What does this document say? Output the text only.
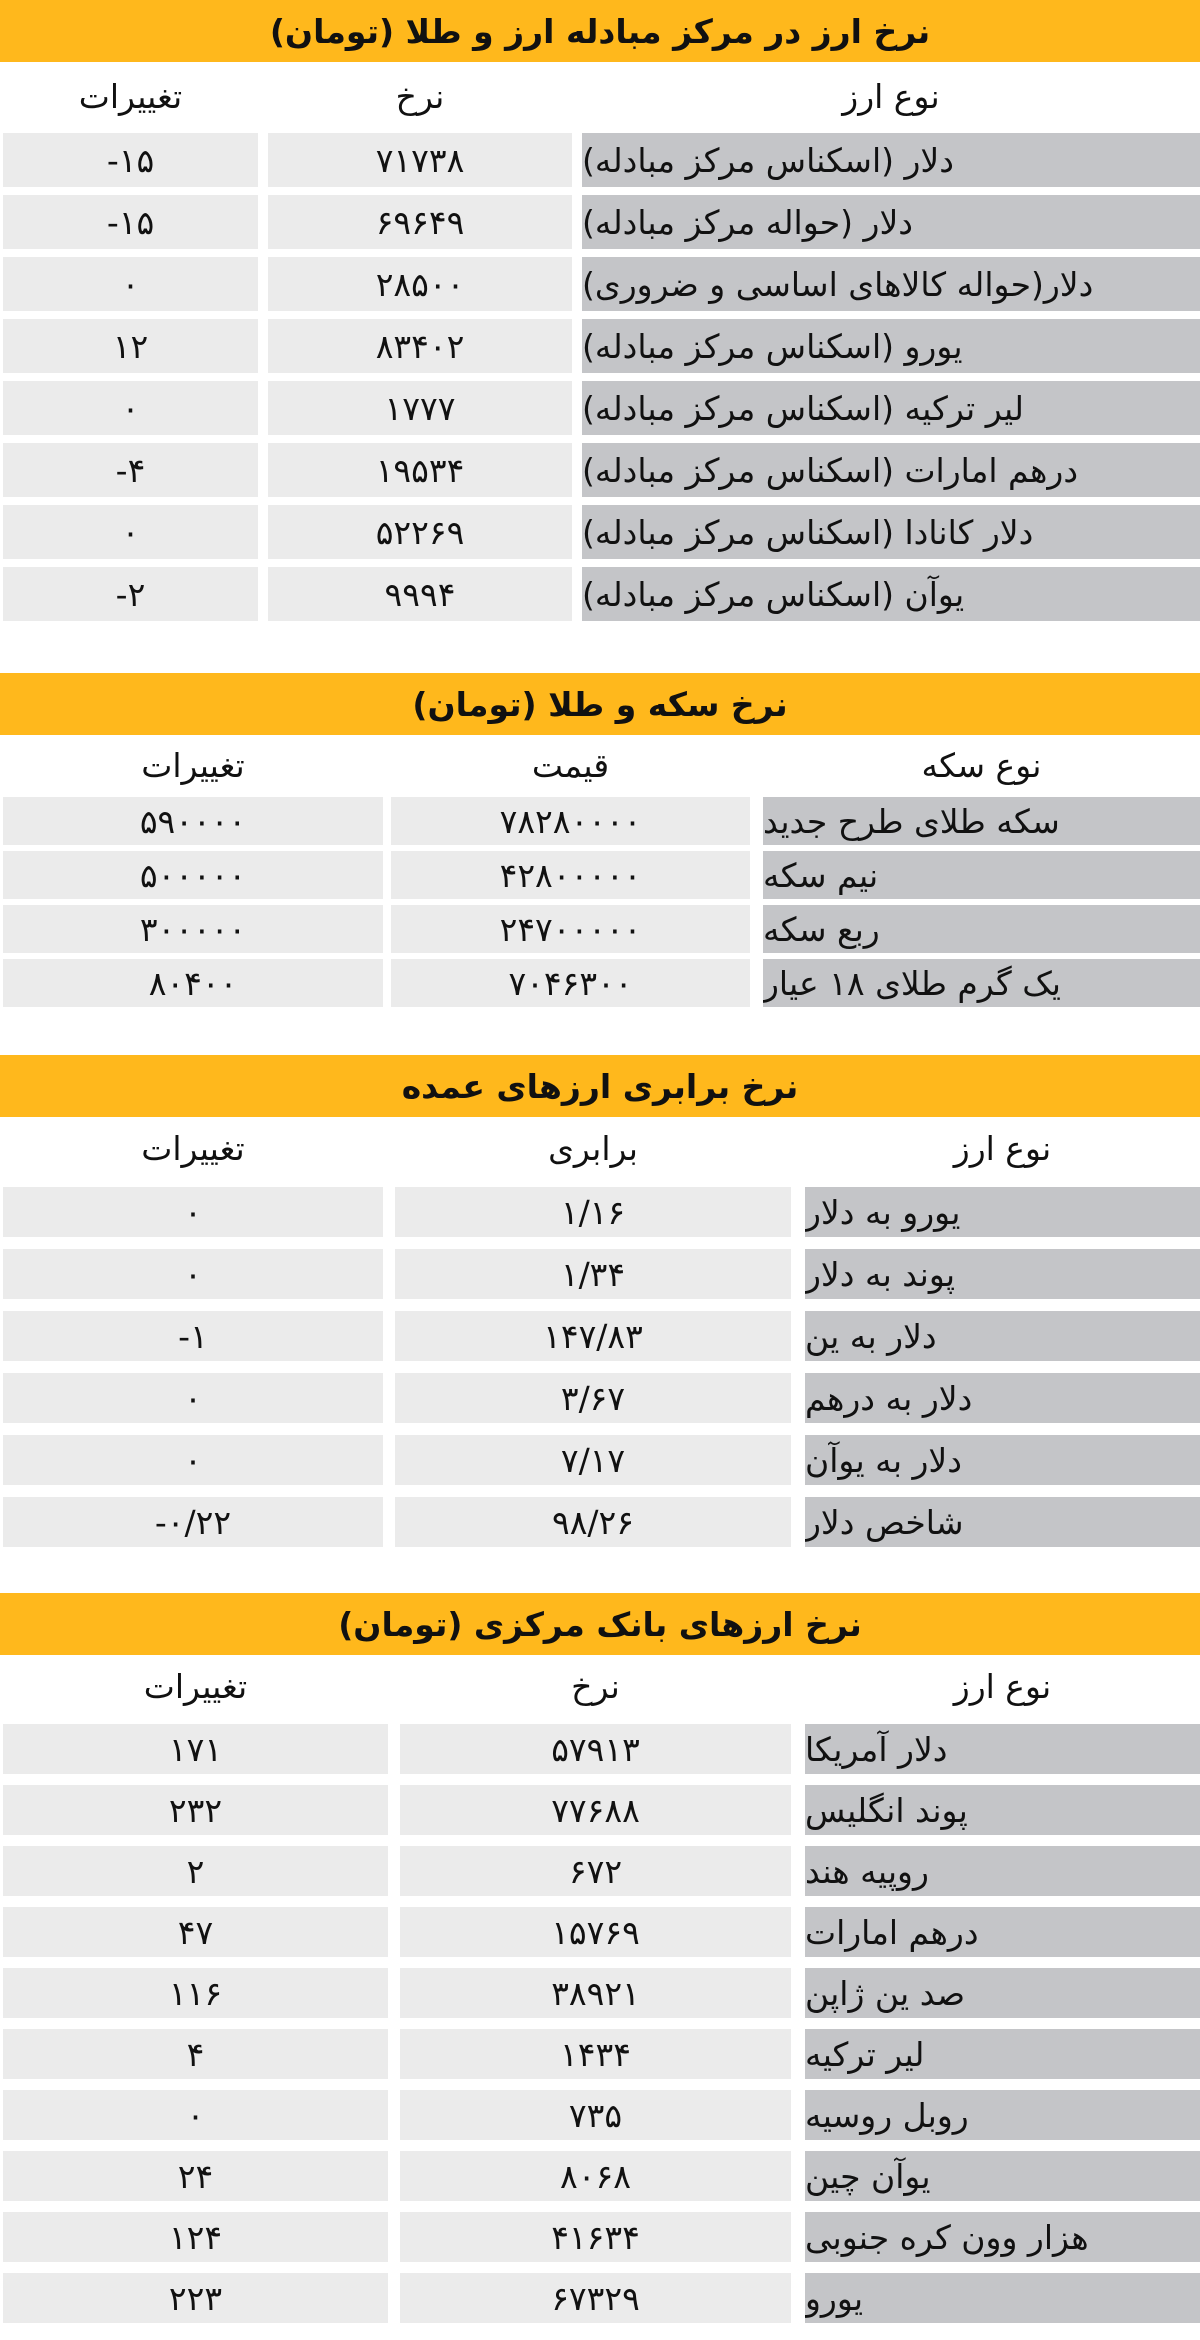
نرخ ارز در مرکز مبادله ارز و طلا (تومان)
نوع ارز
نرخ
تغییرات
دلار (اسکناس مرکز مبادله)
۷۱۷۳۸
-۱۵
دلار (حواله مرکز مبادله)
۶۹۶۴۹
-۱۵
دلار(حواله کالاهای اساسی و ضروری)
۲۸۵۰۰
۰
یورو (اسکناس مرکز مبادله)
۸۳۴۰۲
۱۲
لیر ترکیه (اسکناس مرکز مبادله)
۱۷۷۷
۰
درهم امارات (اسکناس مرکز مبادله)
۱۹۵۳۴
-۴
دلار کانادا (اسکناس مرکز مبادله)
۵۲۲۶۹
۰
یوآن (اسکناس مرکز مبادله)
۹۹۹۴
-۲
نرخ سکه و طلا (تومان)
نوع سکه
قیمت
تغییرات
سکه طلای طرح جدید
۷۸۲۸۰۰۰۰
۵۹۰۰۰۰
نیم سکه
۴۲۸۰۰۰۰۰
۵۰۰۰۰۰
ربع سکه
۲۴۷۰۰۰۰۰
۳۰۰۰۰۰
یک گرم طلای ۱۸ عیار
۷۰۴۶۳۰۰
۸۰۴۰۰
نرخ برابری ارزهای عمده
نوع ارز
برابری
تغییرات
یورو به دلار
۱/۱۶
۰
پوند به دلار
۱/۳۴
۰
دلار به ین
۱۴۷/۸۳
-۱
دلار به درهم
۳/۶۷
۰
دلار به یوآن
۷/۱۷
۰
شاخص دلار
۹۸/۲۶
-۰/۲۲
نرخ ارزهای بانک مرکزی (تومان)
نوع ارز
نرخ
تغییرات
دلار آمریکا
۵۷۹۱۳
۱۷۱
پوند انگلیس
۷۷۶۸۸
۲۳۲
روپیه هند
۶۷۲
۲
درهم امارات
۱۵۷۶۹
۴۷
صد ین ژاپن
۳۸۹۲۱
۱۱۶
لیر ترکیه
۱۴۳۴
۴
روبل روسیه
۷۳۵
۰
یوآن چین
۸۰۶۸
۲۴
هزار وون کره جنوبی
۴۱۶۳۴
۱۲۴
یورو
۶۷۳۲۹
۲۲۳
